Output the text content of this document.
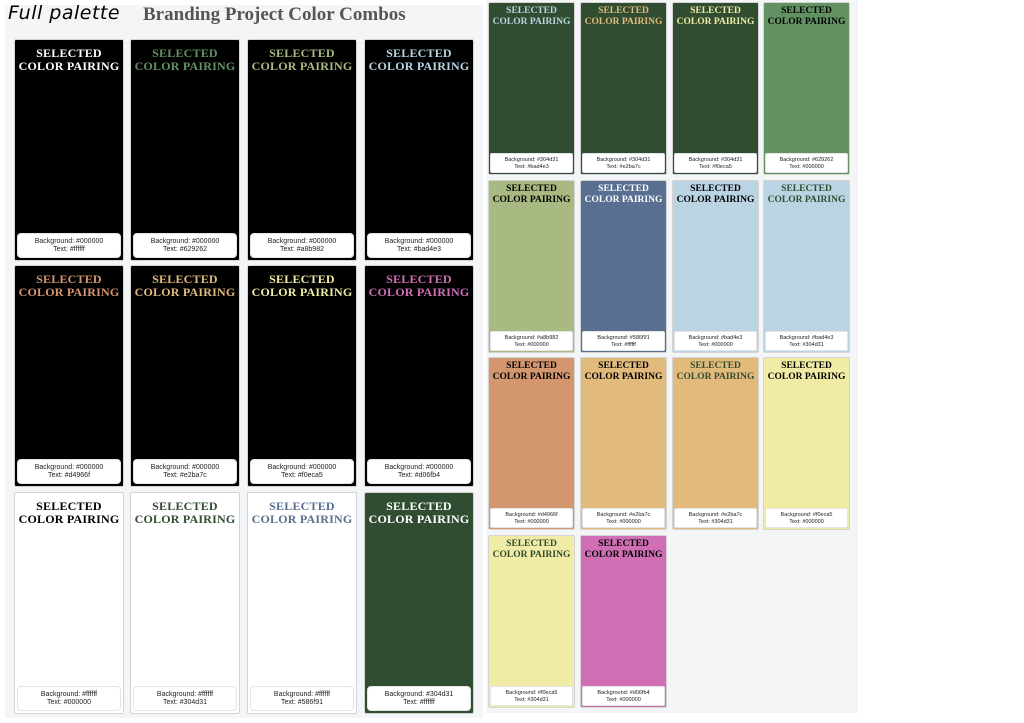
Full palette Branding Project Color Combos
SELECTED COLOR PAIRING
Background: #000000
Text: #ffffff
SELECTED COLOR PAIRING
Background: #000000
Text: #629262
SELECTED COLOR PAIRING
Background: #000000
Text: #a8b982
SELECTED COLOR PAIRING
Background: #000000
Text: #bad4e3
SELECTED COLOR PAIRING
Background: #000000
Text: #d4966f
SELECTED COLOR PAIRING
Background: #000000
Text: #e2ba7c
SELECTED COLOR PAIRING
Background: #000000
Text: #f0eca5
SELECTED COLOR PAIRING
Background: #000000
Text: #d06fb4
SELECTED COLOR PAIRING
Background: #ffffff
Text: #000000
SELECTED COLOR PAIRING
Background: #ffffff
Text: #304d31
SELECTED COLOR PAIRING
Background: #ffffff
Text: #586f91
SELECTED COLOR PAIRING
Background: #304d31
Text: #ffffff
SELECTED COLOR PAIRING
Background: #304d31
Text: #bad4e3
SELECTED COLOR PAIRING
Background: #304d31
Text: #e2ba7c
SELECTED COLOR PAIRING
Background: #304d31
Text: #f0eca5
SELECTED COLOR PAIRING
Background: #629262
Text: #000000
SELECTED COLOR PAIRING
Background: #a8b982
Text: #000000
SELECTED COLOR PAIRING
Background: #586f91
Text: #ffffff
SELECTED COLOR PAIRING
Background: #bad4e3
Text: #000000
SELECTED COLOR PAIRING
Background: #bad4e3
Text: #304d31
SELECTED COLOR PAIRING
Background: #d4966f
Text: #000000
SELECTED COLOR PAIRING
Background: #e2ba7c
Text: #000000
SELECTED COLOR PAIRING
Background: #e2ba7c
Text: #304d31
SELECTED COLOR PAIRING
Background: #f0eca5
Text: #000000
SELECTED COLOR PAIRING
Background: #f0eca5
Text: #304d31
SELECTED COLOR PAIRING
Background: #d06fb4
Text: #000000
